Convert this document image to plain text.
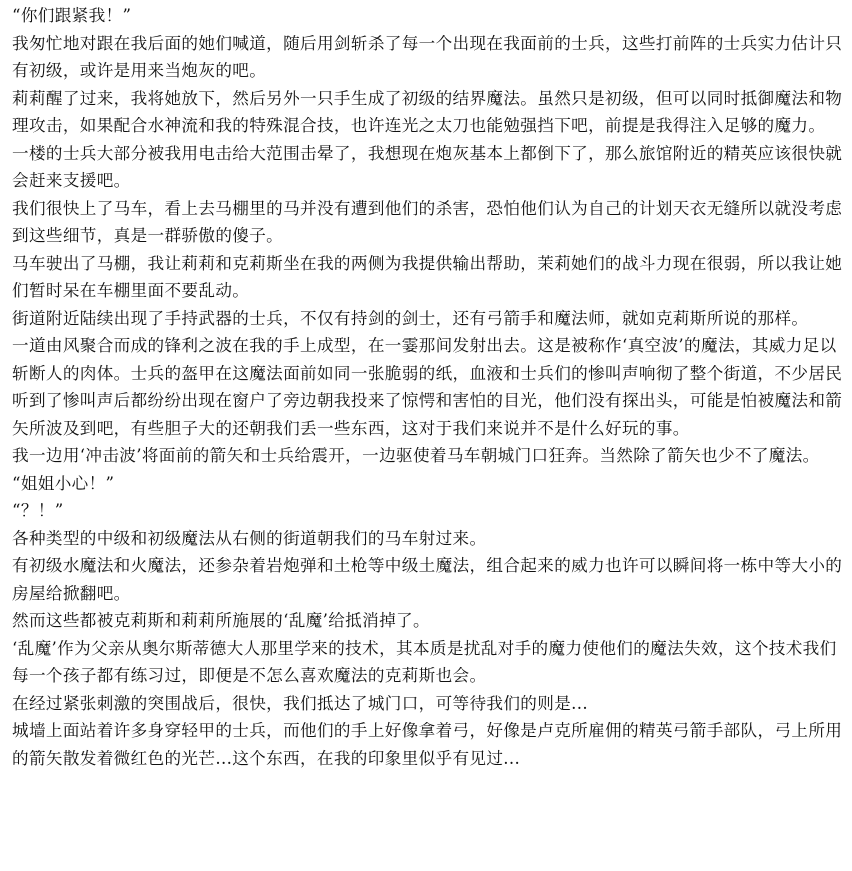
“你们跟紧我！”

我匆忙地对跟在我后面的她们喊道，随后用剑斩杀了每一个出现在我面前的士兵，这些打前阵的士兵实力估计只有初级，或许是用来当炮灰的吧。

莉莉醒了过来，我将她放下，然后另外一只手生成了初级的结界魔法。虽然只是初级，但可以同时抵御魔法和物理攻击，如果配合水神流和我的特殊混合技，也许连光之太刀也能勉强挡下吧，前提是我得注入足够的魔力。

一楼的士兵大部分被我用电击给大范围击晕了，我想现在炮灰基本上都倒下了，那么旅馆附近的精英应该很快就会赶来支援吧。

我们很快上了马车，看上去马棚里的马并没有遭到他们的杀害，恐怕他们认为自己的计划天衣无缝所以就没考虑到这些细节，真是一群骄傲的傻子。

马车驶出了马棚，我让莉莉和克莉斯坐在我的两侧为我提供输出帮助，茉莉她们的战斗力现在很弱，所以我让她们暂时呆在车棚里面不要乱动。

街道附近陆续出现了手持武器的士兵，不仅有持剑的剑士，还有弓箭手和魔法师，就如克莉斯所说的那样。

一道由风聚合而成的锋利之波在我的手上成型，在一霎那间发射出去。这是被称作‘真空波’的魔法，其威力足以斩断人的肉体。士兵的盔甲在这魔法面前如同一张脆弱的纸，血液和士兵们的惨叫声响彻了整个街道，不少居民听到了惨叫声后都纷纷出现在窗户了旁边朝我投来了惊愕和害怕的目光，他们没有探出头，可能是怕被魔法和箭矢所波及到吧，有些胆子大的还朝我们丢一些东西，这对于我们来说并不是什么好玩的事。

我一边用‘冲击波’将面前的箭矢和士兵给震开，一边驱使着马车朝城门口狂奔。当然除了箭矢也少不了魔法。

“姐姐小心！”

“？！”

各种类型的中级和初级魔法从右侧的街道朝我们的马车射过来。

有初级水魔法和火魔法，还参杂着岩炮弹和土枪等中级土魔法，组合起来的威力也许可以瞬间将一栋中等大小的房屋给掀翻吧。

然而这些都被克莉斯和莉莉所施展的‘乱魔’给抵消掉了。

‘乱魔’作为父亲从奥尔斯蒂德大人那里学来的技术，其本质是扰乱对手的魔力使他们的魔法失效，这个技术我们每一个孩子都有练习过，即便是不怎么喜欢魔法的克莉斯也会。

在经过紧张刺激的突围战后，很快，我们抵达了城门口，可等待我们的则是...

城墙上面站着许多身穿轻甲的士兵，而他们的手上好像拿着弓，好像是卢克所雇佣的精英弓箭手部队，弓上所用的箭矢散发着微红色的光芒...这个东西，在我的印象里似乎有见过...
